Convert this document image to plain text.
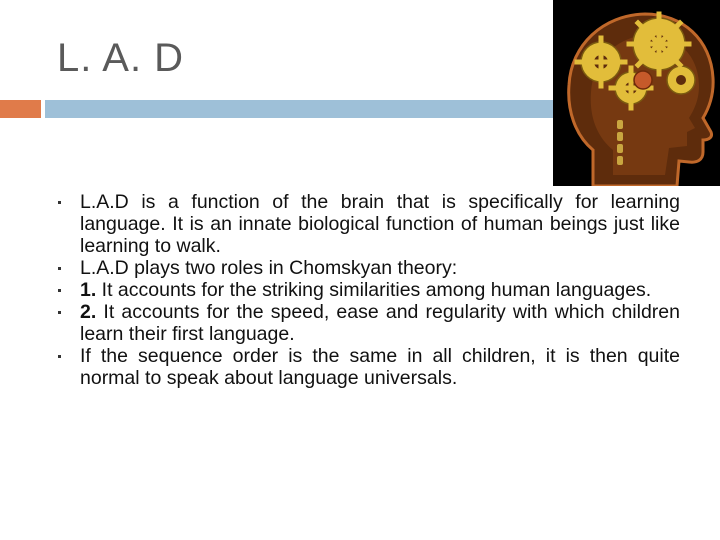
L. A. D
L.A.D is a function of the brain that is specifically for learning language. It is an innate biological function of human beings just like learning to walk.
L.A.D plays two roles in Chomskyan theory:
1. It accounts for the striking similarities among human languages.
2. It accounts for the speed, ease and regularity with which children learn their first language.
If the sequence order is the same in all children, it is then quite normal to speak about language universals.
